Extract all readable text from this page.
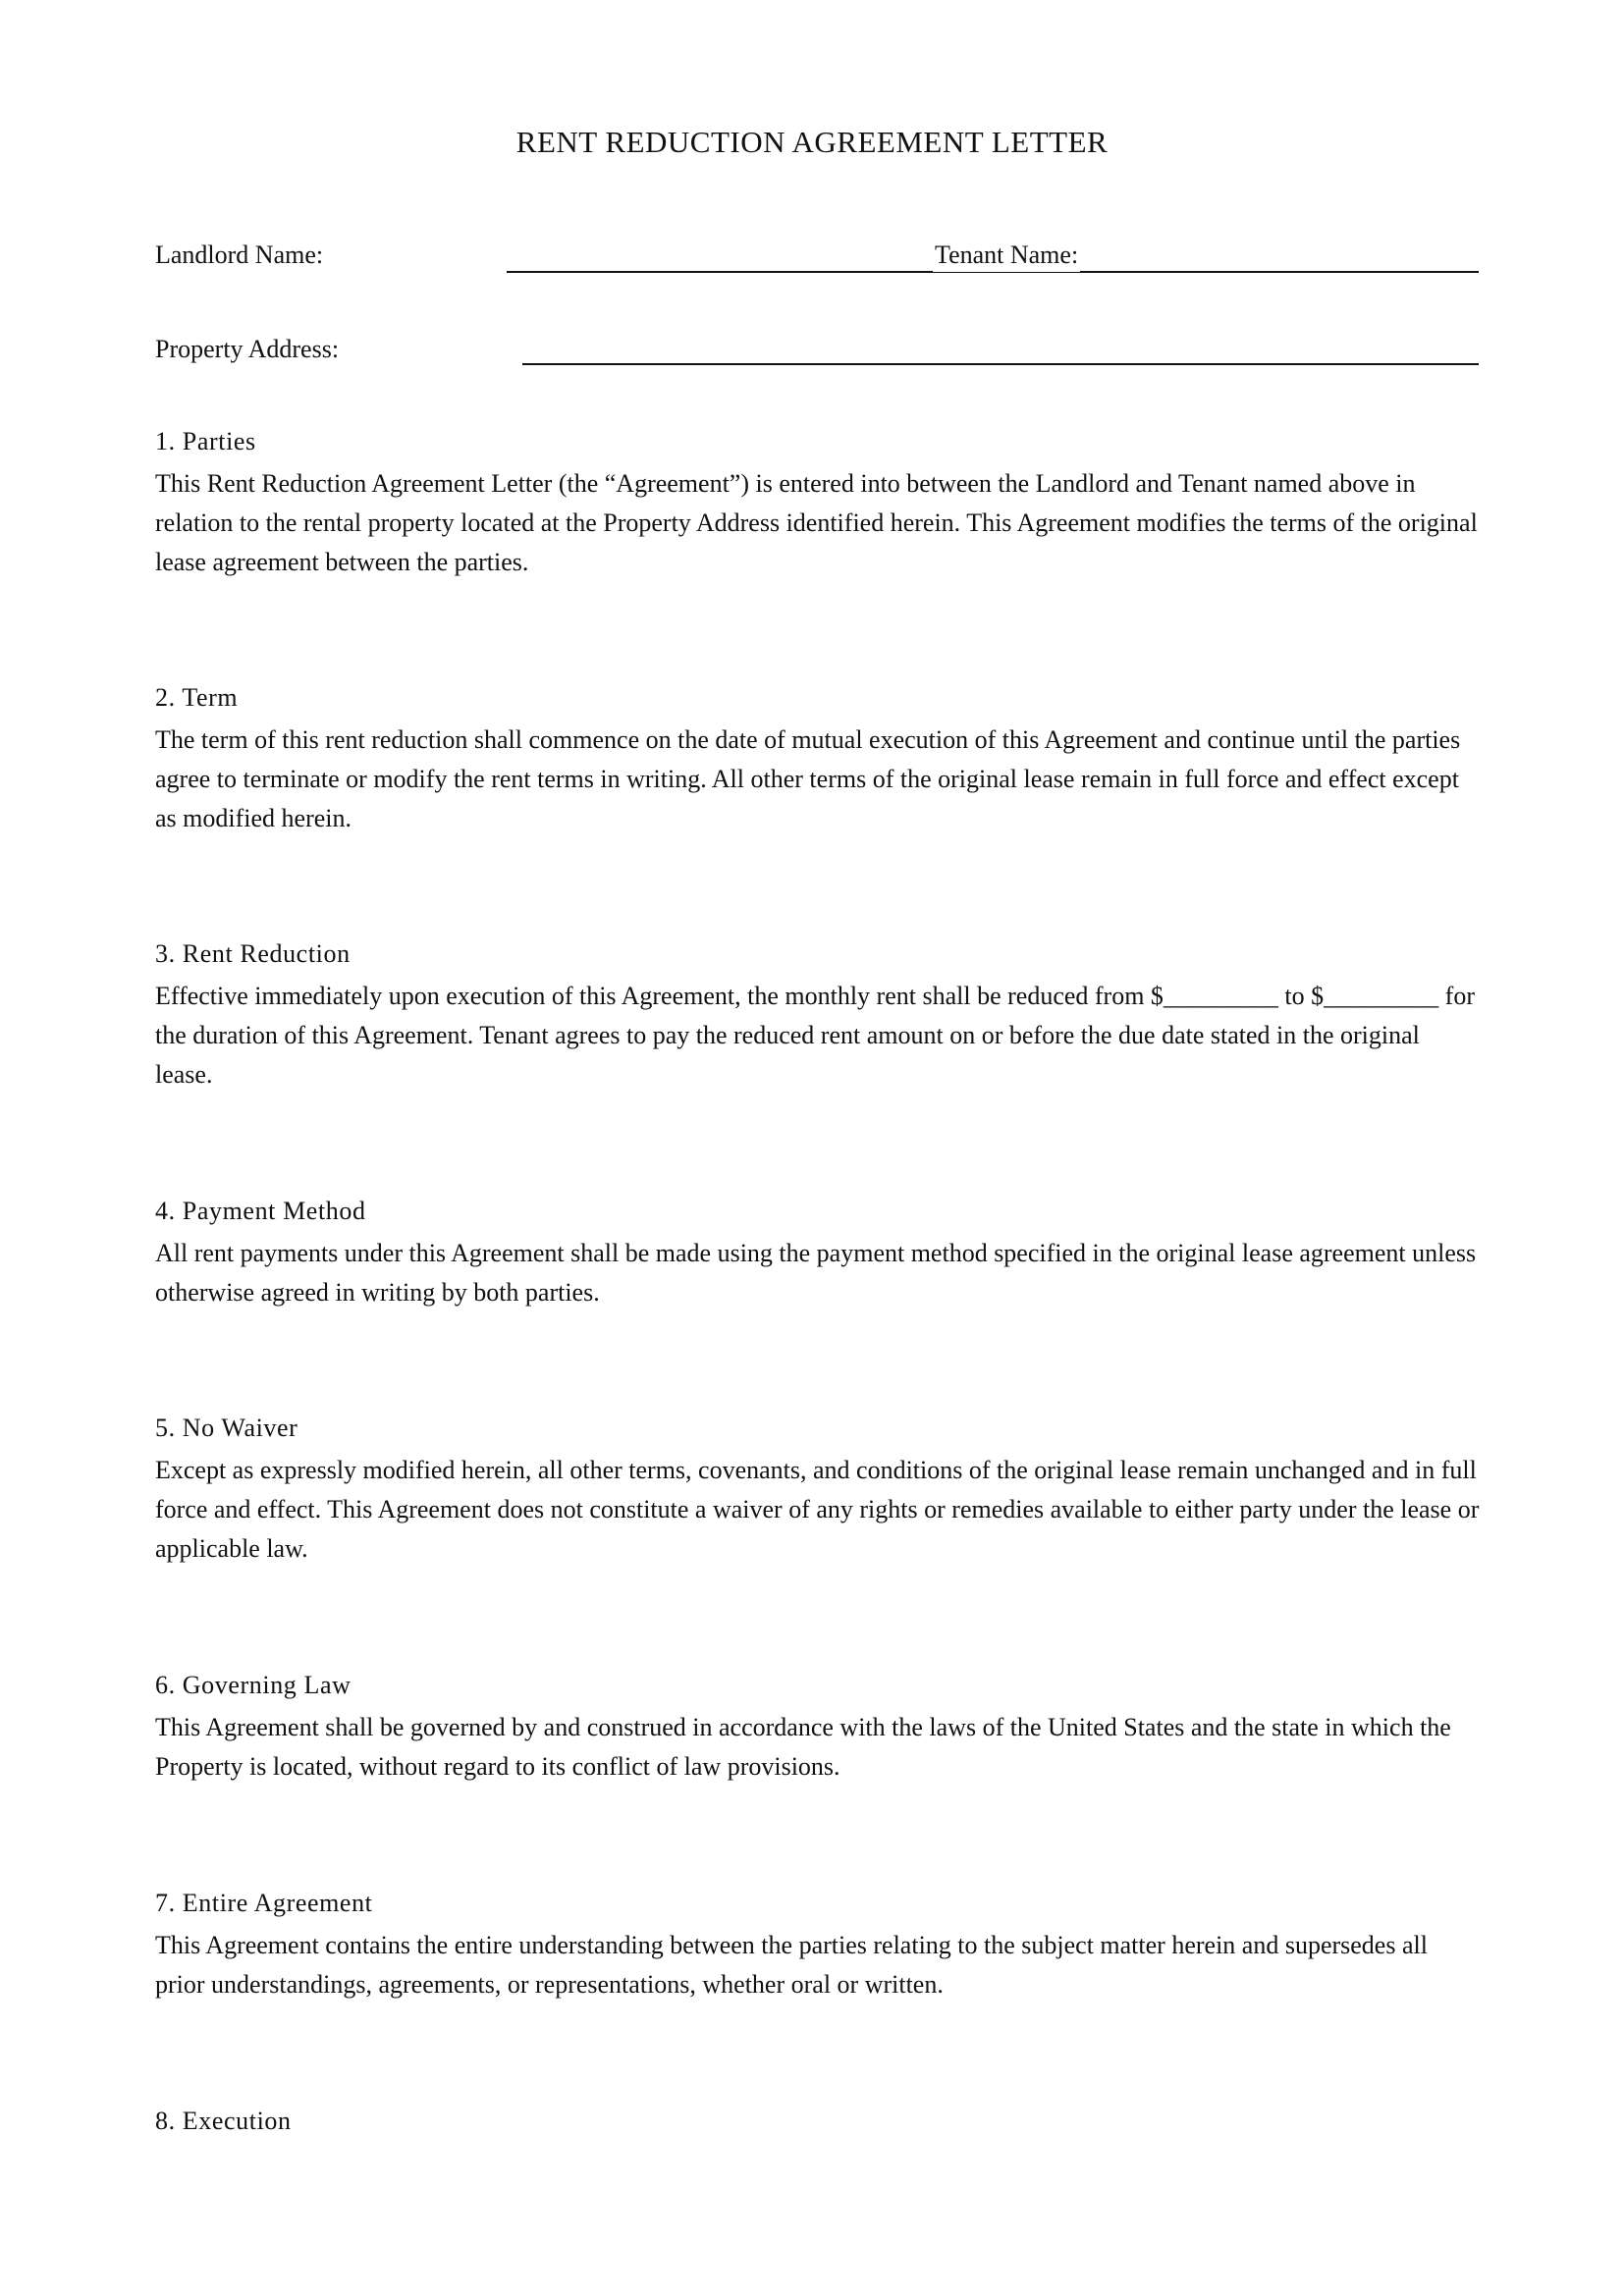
RENT REDUCTION AGREEMENT LETTER
Landlord Name:	Tenant Name:
Property Address:
1. Parties

This Rent Reduction Agreement Letter (the “Agreement”) is entered into between the Landlord and Tenant named above in relation to the rental property located at the Property Address identified herein. This Agreement modifies the terms of the original lease agreement between the parties.

2. Term

The term of this rent reduction shall commence on the date of mutual execution of this Agreement and continue until the parties agree to terminate or modify the rent terms in writing. All other terms of the original lease remain in full force and effect except as modified herein.

3. Rent Reduction

Effective immediately upon execution of this Agreement, the monthly rent shall be reduced from $_________ to $_________ for the duration of this Agreement. Tenant agrees to pay the reduced rent amount on or before the due date stated in the original lease.

4. Payment Method

All rent payments under this Agreement shall be made using the payment method specified in the original lease agreement unless otherwise agreed in writing by both parties.

5. No Waiver

Except as expressly modified herein, all other terms, covenants, and conditions of the original lease remain unchanged and in full force and effect. This Agreement does not constitute a waiver of any rights or remedies available to either party under the lease or applicable law.

6. Governing Law

This Agreement shall be governed by and construed in accordance with the laws of the United States and the state in which the Property is located, without regard to its conflict of law provisions.

7. Entire Agreement

This Agreement contains the entire understanding between the parties relating to the subject matter herein and supersedes all prior understandings, agreements, or representations, whether oral or written.

8. Execution
